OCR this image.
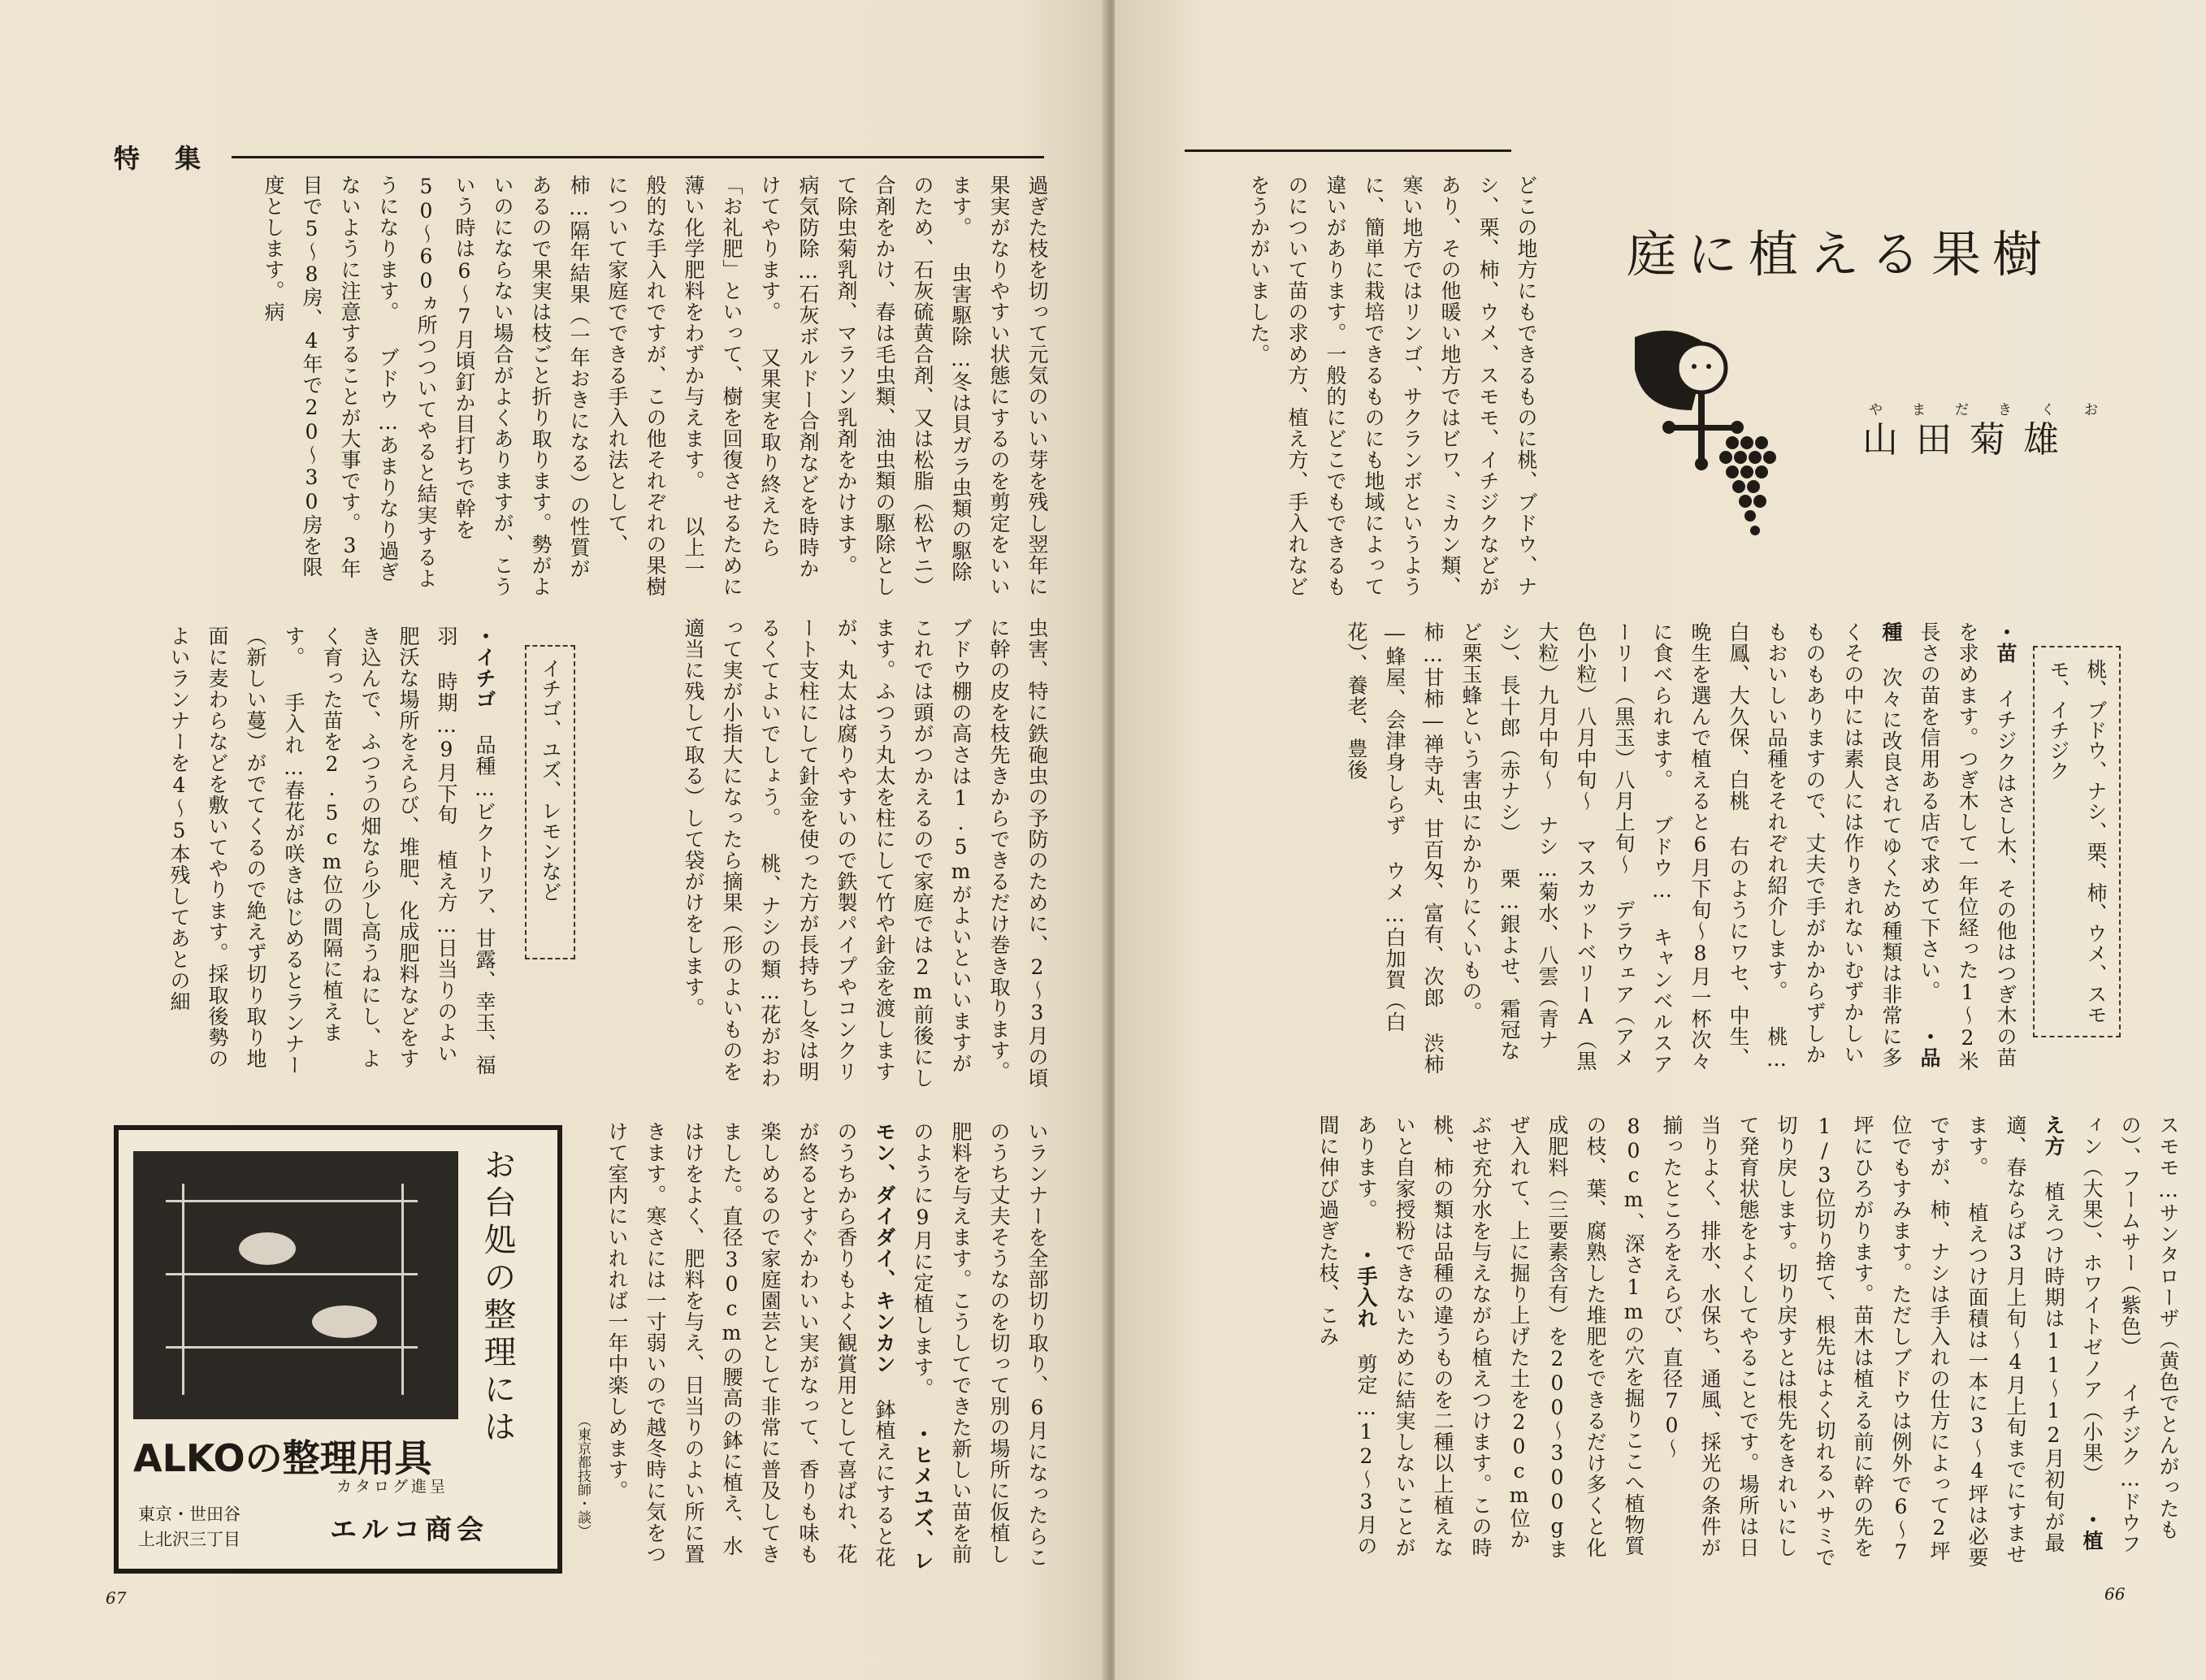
特 集
過ぎた枝を切って元気のいい芽を残し翌年に果実がなりやすい状態にするのを剪定をいいます。 虫害駆除…冬は貝ガラ虫類の駆除のため、石灰硫黄合剤、又は松脂（松ヤニ）合剤をかけ、春は毛虫類、油虫類の駆除として除虫菊乳剤、マラソン乳剤をかけます。 病気防除…石灰ボルドー合剤などを時時かけてやります。 又果実を取り終えたら「お礼肥」といって、樹を回復させるために薄い化学肥料をわずか与えます。 以上一般的な手入れですが、この他それぞれの果樹について家庭でできる手入れ法として、 柿…隔年結果（一年おきになる）の性質があるので果実は枝ごと折り取ります。勢がよいのにならない場合がよくありますが、こういう時は6〜7月頃釘か目打ちで幹を50〜60ヵ所つついてやると結実するようになります。 ブドウ…あまりなり過ぎないように注意することが大事です。3年目で5〜8房、4年で20〜30房を限度とします。病
虫害、特に鉄砲虫の予防のために、2〜3月の頃に幹の皮を枝先きからできるだけ巻き取ります。 ブドウ棚の高さは1.5mがよいといいますがこれでは頭がつかえるので家庭では2m前後にします。ふつう丸太を柱にして竹や針金を渡しますが、丸太は腐りやすいので鉄製パイプやコンクリート支柱にして針金を使った方が長持ちし冬は明るくてよいでしょう。 桃、ナシの類…花がおわって実が小指大になったら摘果（形のよいものを適当に残して取る）して袋がけをします。
イチゴ、ユズ、レモンなど
・イチゴ 品種…ビクトリア、甘露、幸玉、福羽 時期…9月下旬 植え方…日当りのよい肥沃な場所をえらび、堆肥、化成肥料などをすき込んで、ふつうの畑なら少し高うねにし、よく育った苗を2.5cm位の間隔に植えます。 手入れ…春花が咲きはじめるとランナー（新しい蔓）がでてくるので絶えず切り取り地面に麦わらなどを敷いてやります。採取後勢のよいランナーを4〜5本残してあとの細
いランナーを全部切り取り、6月になったらこのうち丈夫そうなのを切って別の場所に仮植し肥料を与えます。こうしてできた新しい苗を前のように9月に定植します。 ・ヒメユズ、レモン、ダイダイ、キンカン 鉢植えにすると花のうちから香りもよく観賞用として喜ばれ、花が終るとすぐかわいい実がなって、香りも味も楽しめるので家庭園芸として非常に普及してきました。直径30cmの腰高の鉢に植え、水はけをよく、肥料を与え、日当りのよい所に置きます。寒さには一寸弱いので越冬時に気をつけて室内にいれれば一年中楽しめます。
（東京都技師・談）
お台処の整理には
ALKOの整理用具
カタログ進呈
東京・世田谷
上北沢三丁目	エルコ商会
67
どこの地方にもできるものに桃、ブドウ、ナシ、栗、柿、ウメ、スモモ、イチジクなどがあり、その他暖い地方ではビワ、ミカン類、寒い地方ではリンゴ、サクランボというように、簡単に栽培できるものにも地域によって違いがあります。一般的にどこでもできるものについて苗の求め方、植え方、手入れなどをうかがいました。	庭に植える果樹
やまだきくお
山田菊雄
桃、ブドウ、ナシ、栗、柿、ウメ、スモモ、イチジク
・苗 イチジクはさし木、その他はつぎ木の苗を求めます。つぎ木して一年位経った1〜2米長さの苗を信用ある店で求めて下さい。 ・品種 次々に改良されてゆくため種類は非常に多くその中には素人には作りきれないむずかしいものもありますので、丈夫で手がかからずしかもおいしい品種をそれぞれ紹介します。 桃…白鳳、大久保、白桃 右のようにワセ、中生、晩生を選んで植えると6月下旬〜8月一杯次々に食べられます。 ブドウ… キャンベルスアーリー（黒玉）八月上旬〜 デラウェア（アメ色小粒）八月中旬〜 マスカットベリーA（黒大粒）九月中旬〜 ナシ…菊水、八雲（青ナシ）、長十郎（赤ナシ） 栗…銀よせ、霜冠など栗玉蜂という害虫にかかりにくいもの。 柿…甘柿―禅寺丸、甘百匁、富有、次郎 渋柿―蜂屋、会津身しらず ウメ…白加賀（白花）、養老、豊後
スモモ…サンタローザ（黄色でとんがったもの）、フームサー（紫色） イチジク…ドウフィン（大果）、ホワイトゼノア（小果） ・植え方 植えつけ時期は11〜12月初旬が最適、春ならば3月上旬〜4月上旬までにすませます。 植えつけ面積は一本に3〜4坪は必要ですが、柿、ナシは手入れの仕方によって2坪位でもすみます。ただしブドウは例外で6〜7坪にひろがります。苗木は植える前に幹の先を1/3位切り捨て、根先はよく切れるハサミで切り戻します。切り戻すとは根先をきれいにして発育状態をよくしてやることです。場所は日当りよく、排水、水保ち、通風、採光の条件が揃ったところをえらび、直径70〜80cm、深さ1mの穴を掘りここへ植物質の枝、葉、腐熟した堆肥をできるだけ多くと化成肥料（三要素含有）を200〜300gまぜ入れて、上に掘り上げた土を20cm位かぶせ充分水を与えながら植えつけます。この時桃、柿の類は品種の違うものを二種以上植えないと自家授粉できないために結実しないことがあります。 ・手入れ 剪定…12〜3月の間に伸び過ぎた枝、こみ
66
